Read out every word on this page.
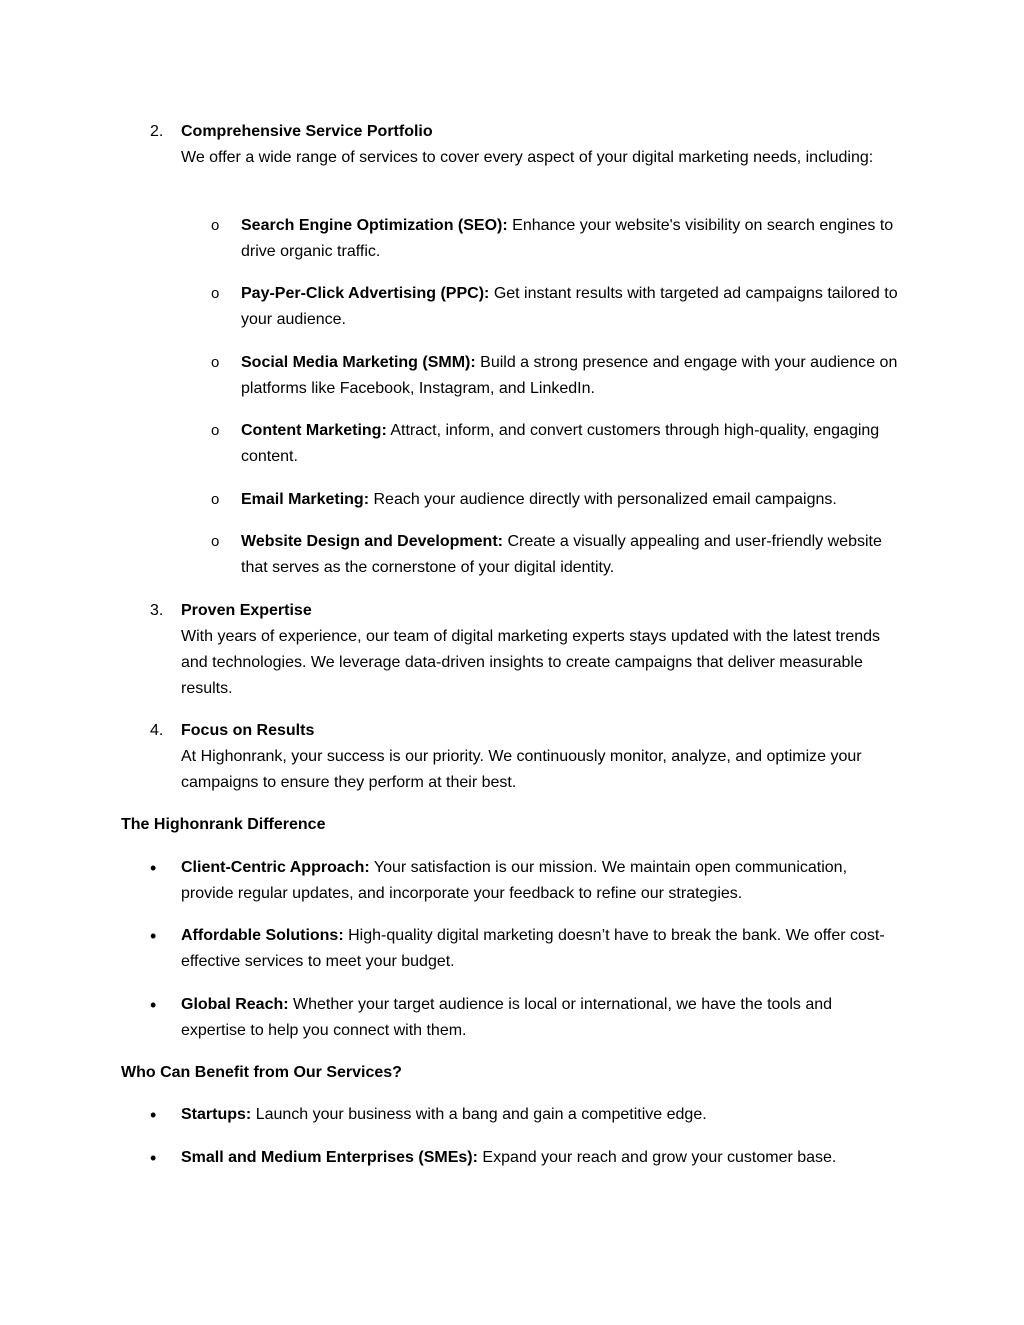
2. Comprehensive Service Portfolio
We offer a wide range of services to cover every aspect of your digital marketing needs, including:
o Search Engine Optimization (SEO): Enhance your website's visibility on search engines to drive organic traffic.
o Pay-Per-Click Advertising (PPC): Get instant results with targeted ad campaigns tailored to your audience.
o Social Media Marketing (SMM): Build a strong presence and engage with your audience on platforms like Facebook, Instagram, and LinkedIn.
o Content Marketing: Attract, inform, and convert customers through high-quality, engaging content.
o Email Marketing: Reach your audience directly with personalized email campaigns.
o Website Design and Development: Create a visually appealing and user-friendly website that serves as the cornerstone of your digital identity.
3. Proven Expertise
With years of experience, our team of digital marketing experts stays updated with the latest trends and technologies. We leverage data-driven insights to create campaigns that deliver measurable results.
4. Focus on Results
At Highonrank, your success is our priority. We continuously monitor, analyze, and optimize your campaigns to ensure they perform at their best.
The Highonrank Difference
• Client-Centric Approach: Your satisfaction is our mission. We maintain open communication, provide regular updates, and incorporate your feedback to refine our strategies.
• Affordable Solutions: High-quality digital marketing doesn’t have to break the bank. We offer cost-effective services to meet your budget.
• Global Reach: Whether your target audience is local or international, we have the tools and expertise to help you connect with them.
Who Can Benefit from Our Services?
• Startups: Launch your business with a bang and gain a competitive edge.
• Small and Medium Enterprises (SMEs): Expand your reach and grow your customer base.
